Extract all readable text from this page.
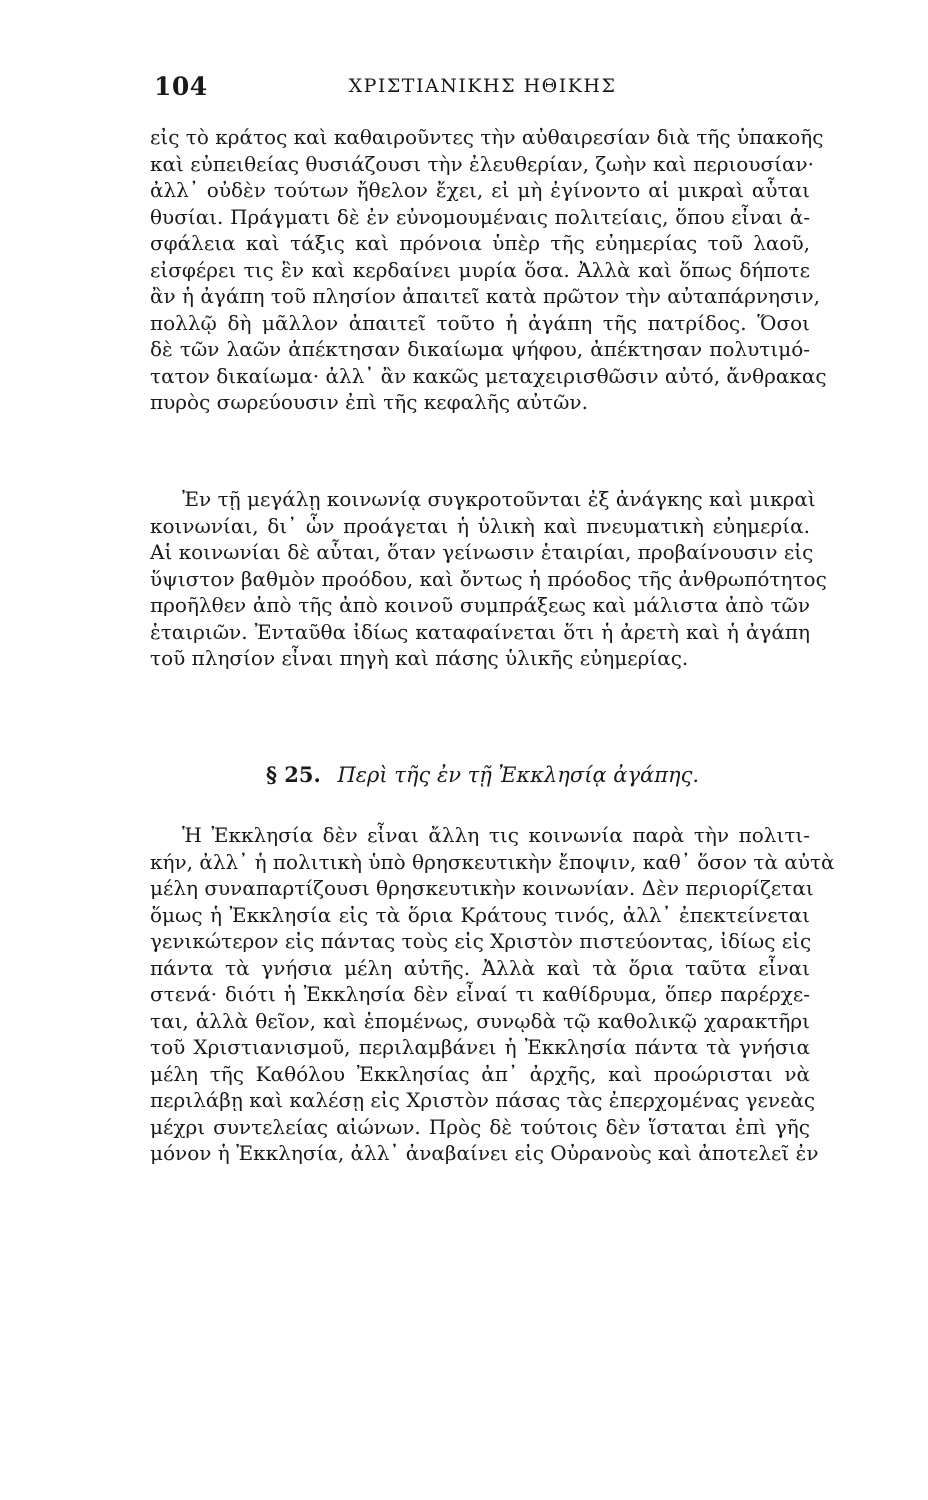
104	ΧΡΙΣΤΙΑΝΙΚΗΣ ΗΘΙΚΗΣ
εἰς τὸ κράτος καὶ καθαιροῦντες τὴν αὐθαιρεσίαν διὰ τῆς ὑπακοῆς
καὶ εὐπειθείας θυσιάζουσι τὴν ἐλευθερίαν, ζωὴν καὶ περιουσίαν·
ἀλλ᾽ οὐδὲν τούτων ἤθελον ἔχει, εἰ μὴ ἐγίνοντο αἱ μικραὶ αὗται
θυσίαι. Πράγματι δὲ ἐν εὐνομουμέναις πολιτείαις, ὅπου εἶναι ἀ-
σφάλεια καὶ τάξις καὶ πρόνοια ὑπὲρ τῆς εὐημερίας τοῦ λαοῦ,
εἰσφέρει τις ἓν καὶ κερδαίνει μυρία ὅσα. Ἀλλὰ καὶ ὅπως δήποτε
ἂν ἡ ἀγάπη τοῦ πλησίον ἀπαιτεῖ κατὰ πρῶτον τὴν αὐταπάρνησιν,
πολλῷ δὴ μᾶλλον ἀπαιτεῖ τοῦτο ἡ ἀγάπη τῆς πατρίδος. Ὅσοι
δὲ τῶν λαῶν ἀπέκτησαν δικαίωμα ψήφου, ἀπέκτησαν πολυτιμό-
τατον δικαίωμα· ἀλλ᾽ ἂν κακῶς μεταχειρισθῶσιν αὐτό, ἄνθρακας
πυρὸς σωρεύουσιν ἐπὶ τῆς κεφαλῆς αὐτῶν.
Ἐν τῇ μεγάλῃ κοινωνίᾳ συγκροτοῦνται ἐξ ἀνάγκης καὶ μικραὶ
κοινωνίαι, δι᾽ ὧν προάγεται ἡ ὑλικὴ καὶ πνευματικὴ εὐημερία.
Αἱ κοινωνίαι δὲ αὗται, ὅταν γείνωσιν ἑταιρίαι, προβαίνουσιν εἰς
ὕψιστον βαθμὸν προόδου, καὶ ὄντως ἡ πρόοδος τῆς ἀνθρωπότητος
προῆλθεν ἀπὸ τῆς ἀπὸ κοινοῦ συμπράξεως καὶ μάλιστα ἀπὸ τῶν
ἑταιριῶν. Ἐνταῦθα ἰδίως καταφαίνεται ὅτι ἡ ἀρετὴ καὶ ἡ ἀγάπη
τοῦ πλησίον εἶναι πηγὴ καὶ πάσης ὑλικῆς εὐημερίας.
§ 25. Περὶ τῆς ἐν τῇ Ἐκκλησίᾳ ἀγάπης.
Ἡ Ἐκκλησία δὲν εἶναι ἄλλη τις κοινωνία παρὰ τὴν πολιτι-
κήν, ἀλλ᾽ ἡ πολιτικὴ ὑπὸ θρησκευτικὴν ἔποψιν, καθ᾽ ὅσον τὰ αὐτὰ
μέλη συναπαρτίζουσι θρησκευτικὴν κοινωνίαν. Δὲν περιορίζεται
ὅμως ἡ Ἐκκλησία εἰς τὰ ὅρια Κράτους τινός, ἀλλ᾽ ἐπεκτείνεται
γενικώτερον εἰς πάντας τοὺς εἰς Χριστὸν πιστεύοντας, ἰδίως εἰς
πάντα τὰ γνήσια μέλη αὐτῆς. Ἀλλὰ καὶ τὰ ὅρια ταῦτα εἶναι
στενά· διότι ἡ Ἐκκλησία δὲν εἶναί τι καθίδρυμα, ὅπερ παρέρχε-
ται, ἀλλὰ θεῖον, καὶ ἑπομένως, συνῳδὰ τῷ καθολικῷ χαρακτῆρι
τοῦ Χριστιανισμοῦ, περιλαμβάνει ἡ Ἐκκλησία πάντα τὰ γνήσια
μέλη τῆς Καθόλου Ἐκκλησίας ἀπ᾽ ἀρχῆς, καὶ προώρισται νὰ
περιλάβῃ καὶ καλέσῃ εἰς Χριστὸν πάσας τὰς ἐπερχομένας γενεὰς
μέχρι συντελείας αἰώνων. Πρὸς δὲ τούτοις δὲν ἵσταται ἐπὶ γῆς
μόνον ἡ Ἐκκλησία, ἀλλ᾽ ἀναβαίνει εἰς Οὐρανοὺς καὶ ἀποτελεῖ ἐν
